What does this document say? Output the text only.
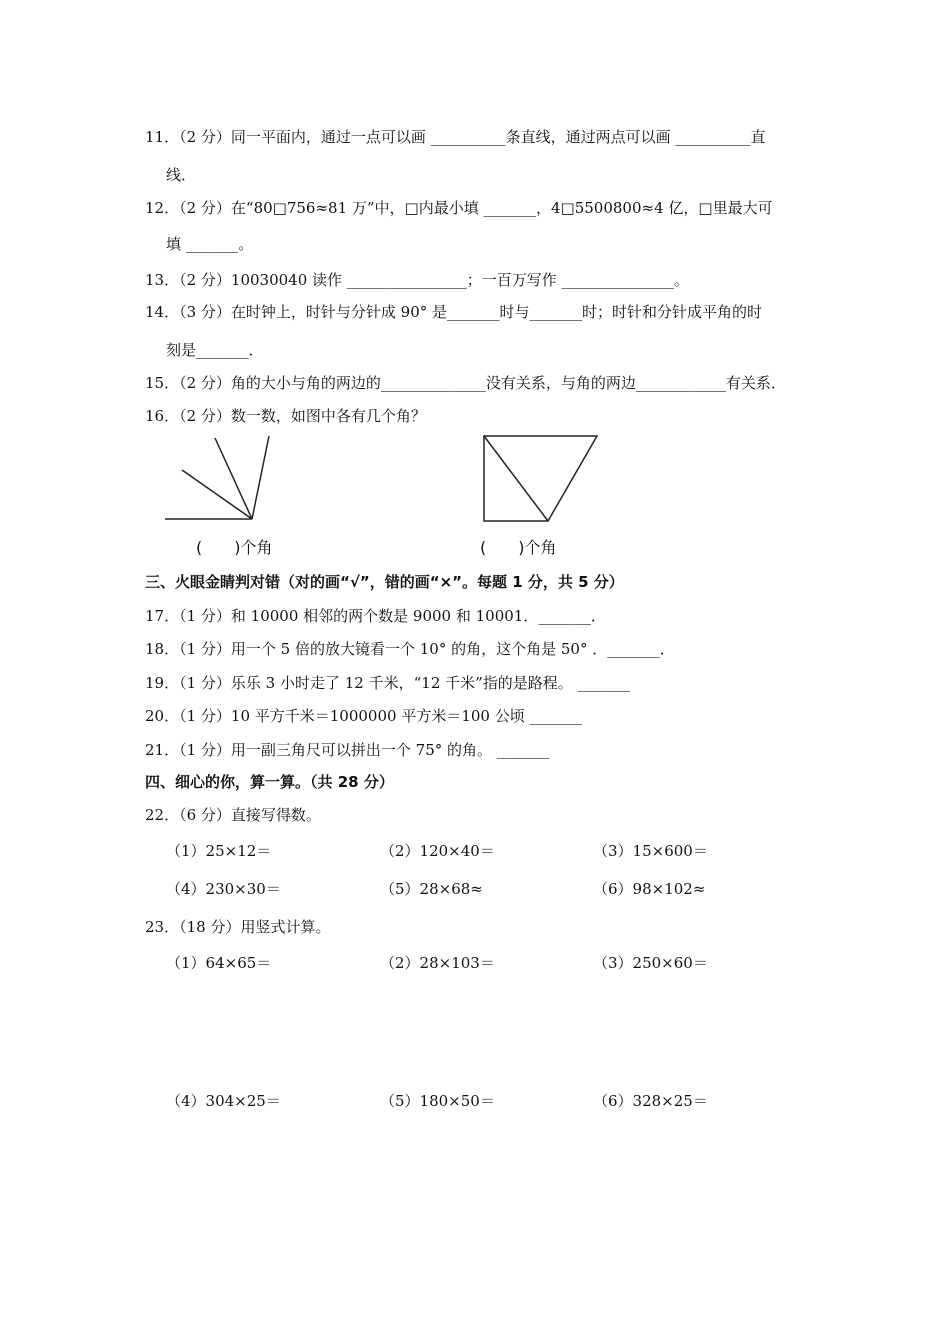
11．（2 分）同一平面内，通过一点可以画 __________条直线，通过两点可以画 __________直
线．
12．（2 分）在“80□756≈81 万”中，□内最小填 _______，4□5500800≈4 亿，□里最大可
填 _______。
13．（2 分）10030040 读作 ________________；一百万写作 _______________。
14．（3 分）在时钟上，时针与分针成 90° 是_______时与_______时；时针和分针成平角的时
刻是_______．
15．（2 分）角的大小与角的两边的______________没有关系，与角的两边____________有关系．
16．（2 分）数一数，如图中各有几个角？
(　　)个角	(　　)个角
三、火眼金睛判对错（对的画“√”，错的画“×”。每题 1 分，共 5 分）
17．（1 分）和 10000 相邻的两个数是 9000 和 10001．_______．
18．（1 分）用一个 5 倍的放大镜看一个 10° 的角，这个角是 50° ．_______．
19．（1 分）乐乐 3 小时走了 12 千米，“12 千米”指的是路程。 _______
20．（1 分）10 平方千米＝1000000 平方米＝100 公顷 _______
21．（1 分）用一副三角尺可以拼出一个 75° 的角。 _______
四、细心的你，算一算。（共 28 分）
22．（6 分）直接写得数。
（1）25×12＝	（2）120×40＝	（3）15×600＝
（4）230×30＝	（5）28×68≈	（6）98×102≈
23．（18 分）用竖式计算。
（1）64×65＝	（2）28×103＝	（3）250×60＝
（4）304×25＝	（5）180×50＝	（6）328×25＝
